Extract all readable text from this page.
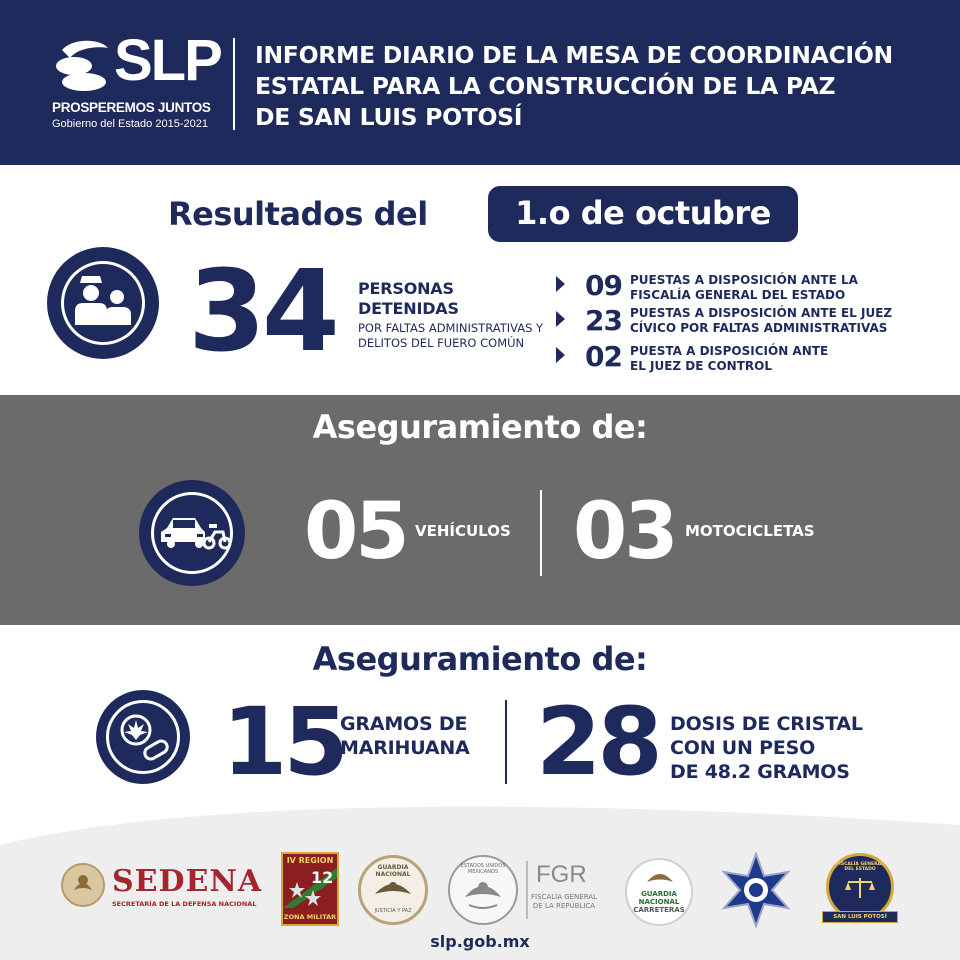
SLP
PROSPEREMOS JUNTOS
Gobierno del Estado 2015-2021
INFORME DIARIO DE LA MESA DE COORDINACIÓN
ESTATAL PARA LA CONSTRUCCIÓN DE LA PAZ
DE SAN LUIS POTOSÍ
Resultados del	1.o de octubre
34 PERSONAS
DETENIDAS
POR FALTAS ADMINISTRATIVAS Y
DELITOS DEL FUERO COMÚN
09 PUESTAS A DISPOSICIÓN ANTE LA
FISCALÍA GENERAL DEL ESTADO
23 PUESTAS A DISPOSICIÓN ANTE EL JUEZ
CÍVICO POR FALTAS ADMINISTRATIVAS
02 PUESTA A DISPOSICIÓN ANTE
EL JUEZ DE CONTROL
Aseguramiento de:
05 VEHÍCULOS 03 MOTOCICLETAS
Aseguramiento de:
15
GRAMOS DE
MARIHUANA 28 DOSIS DE CRISTAL
CON UN PESO
DE 48.2 GRAMOS
SEDENA
SECRETARÍA DE LA DEFENSA NACIONAL
IV REGION
12
ZONA MILITAR
GUARDIA NACIONAL
JUSTICIA Y PAZ
ESTADOS UNIDOS MEXICANOS	FGR
FISCALÍA GENERAL
DE LA REPÚBLICA
GUARDIA
NACIONAL
CARRETERAS
FISCALÍA GENERAL DEL ESTADO
SAN LUIS POTOSÍ
slp.gob.mx
